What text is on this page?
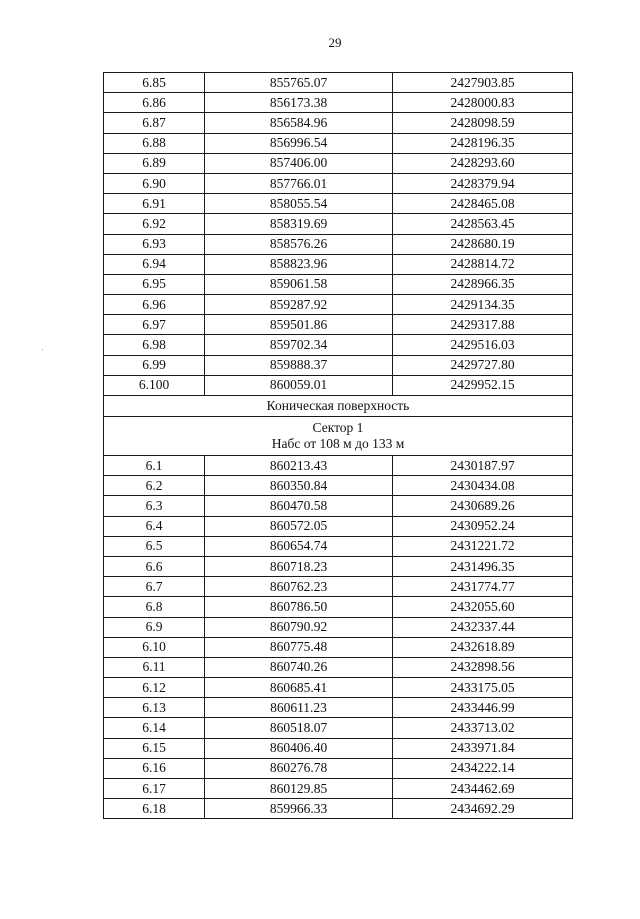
29
6.85	855765.07	2427903.85
6.86	856173.38	2428000.83
6.87	856584.96	2428098.59
6.88	856996.54	2428196.35
6.89	857406.00	2428293.60
6.90	857766.01	2428379.94
6.91	858055.54	2428465.08
6.92	858319.69	2428563.45
6.93	858576.26	2428680.19
6.94	858823.96	2428814.72
6.95	859061.58	2428966.35
6.96	859287.92	2429134.35
6.97	859501.86	2429317.88
6.98	859702.34	2429516.03
6.99	859888.37	2429727.80
6.100	860059.01	2429952.15
Коническая поверхность		

Сектор 1
Набс от 108 м до 133 м		

6.1	860213.43	2430187.97
6.2	860350.84	2430434.08
6.3	860470.58	2430689.26
6.4	860572.05	2430952.24
6.5	860654.74	2431221.72
6.6	860718.23	2431496.35
6.7	860762.23	2431774.77
6.8	860786.50	2432055.60
6.9	860790.92	2432337.44
6.10	860775.48	2432618.89
6.11	860740.26	2432898.56
6.12	860685.41	2433175.05
6.13	860611.23	2433446.99
6.14	860518.07	2433713.02
6.15	860406.40	2433971.84
6.16	860276.78	2434222.14
6.17	860129.85	2434462.69
6.18	859966.33	2434692.29
